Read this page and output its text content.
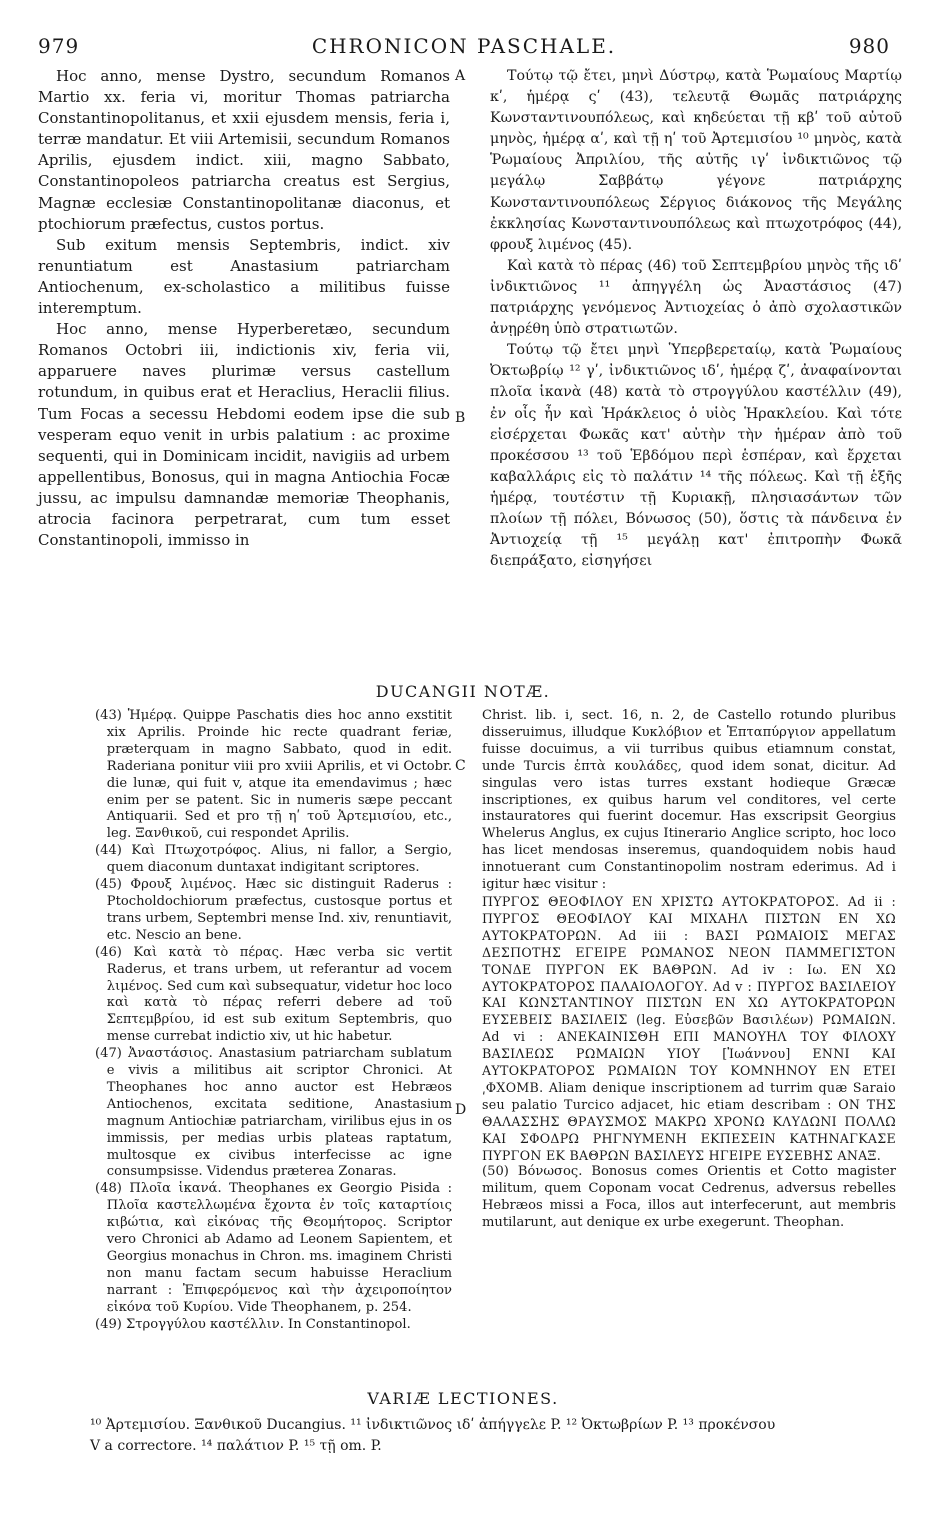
979	CHRONICON PASCHALE.	980

Hoc anno, mense Dystro, secundum Romanos Martio xx. feria vi, moritur Thomas patriarcha Constantinopolitanus, et xxii ejusdem mensis, feria i, terræ mandatur. Et viii Artemisii, secundum Romanos Aprilis, ejusdem indict. xiii, magno Sabbato, Constantinopoleos patriarcha creatus est Sergius, Magnæ ecclesiæ Constantinopolitanæ diaconus, et ptochiorum præfectus, custos portus.

Sub exitum mensis Septembris, indict. xiv renuntiatum est Anastasium patriarcham Antiochenum, ex-scholastico a militibus fuisse interemptum.

Hoc anno, mense Hyperberetæo, secundum Romanos Octobri iii, indictionis xiv, feria vii, apparuere naves plurimæ versus castellum rotundum, in quibus erat et Heraclius, Heraclii filius. Tum Focas a secessu Hebdomi eodem ipse die sub vesperam equo venit in urbis palatium : ac proxime sequenti, qui in Dominicam incidit, navigiis ad urbem appellentibus, Bonosus, qui in magna Antiochia Focæ jussu, ac impulsu damnandæ memoriæ Theophanis, atrocia facinora perpetrarat, cum tum esset Constantinopoli, immisso in

A
B
C
D

Τούτῳ τῷ ἔτει, μηνὶ Δύστρῳ, κατὰ Ῥωμαίους Μαρτίῳ κʹ, ἡμέρᾳ ςʹ (43), τελευτᾷ Θωμᾶς πατριάρχης Κωνσταντινουπόλεως, καὶ κηδεύεται τῇ κβʹ τοῦ αὐτοῦ μηνὸς, ἡμέρᾳ αʹ, καὶ τῇ ηʹ τοῦ Ἀρτεμισίου ¹⁰ μηνὸς, κατὰ Ῥωμαίους Ἀπριλίου, τῆς αὐτῆς ιγʹ ἰνδικτιῶνος τῷ μεγάλῳ Σαββάτῳ γέγονε πατριάρχης Κωνσταντινουπόλεως Σέργιος διάκονος τῆς Μεγάλης ἐκκλησίας Κωνσταντινουπόλεως καὶ πτωχοτρόφος (44), φρουξ λιμένος (45).

Καὶ κατὰ τὸ πέρας (46) τοῦ Σεπτεμβρίου μηνὸς τῆς ιδʹ ἰνδικτιῶνος ¹¹ ἀπηγγέλη ὡς Ἀναστάσιος (47) πατριάρχης γενόμενος Ἀντιοχείας ὁ ἀπὸ σχολαστικῶν ἀνῃρέθη ὑπὸ στρατιωτῶν.

Τούτῳ τῷ ἔτει μηνὶ Ὑπερβερεταίῳ, κατὰ Ῥωμαίους Ὀκτωβρίῳ ¹² γʹ, ἰνδικτιῶνος ιδʹ, ἡμέρᾳ ζʹ, ἀναφαίνονται πλοῖα ἱκανὰ (48) κατὰ τὸ στρογγύλου καστέλλιν (49), ἐν οἷς ἦν καὶ Ἡράκλειος ὁ υἱὸς Ἡρακλείου. Καὶ τότε εἰσέρχεται Φωκᾶς κατ' αὐτὴν τὴν ἡμέραν ἀπὸ τοῦ προκέσσου ¹³ τοῦ Ἑβδόμου περὶ ἑσπέραν, καὶ ἔρχεται καβαλλάρις εἰς τὸ παλάτιν ¹⁴ τῆς πόλεως. Καὶ τῇ ἑξῆς ἡμέρᾳ, τουτέστιν τῇ Κυριακῇ, πλησιασάντων τῶν πλοίων τῇ πόλει, Βόνωσος (50), ὅστις τὰ πάνδεινα ἐν Ἀντιοχείᾳ τῇ ¹⁵ μεγάλῃ κατ' ἐπιτροπὴν Φωκᾶ διεπράξατο, εἰσηγήσει

DUCANGII NOTÆ.

(43) Ἡμέρᾳ. Quippe Paschatis dies hoc anno exstitit xix Aprilis. Proinde hic recte quadrant feriæ, præterquam in magno Sabbato, quod in edit. Raderiana ponitur viii pro xviii Aprilis, et vi Octobr. die lunæ, qui fuit v, atque ita emendavimus ; hæc enim per se patent. Sic in numeris sæpe peccant Antiquarii. Sed et pro τῇ ηʹ τοῦ Ἀρτεμισίου, etc., leg. Ξανθικοῦ, cui respondet Aprilis.

(44) Καὶ Πτωχοτρόφος. Alius, ni fallor, a Sergio, quem diaconum duntaxat indigitant scriptores.

(45) Φρουξ λιμένος. Hæc sic distinguit Raderus : Ptocholdochiorum præfectus, custosque portus et trans urbem, Septembri mense Ind. xiv, renuntiavit, etc. Nescio an bene.

(46) Καὶ κατὰ τὸ πέρας. Hæc verba sic vertit Raderus, et trans urbem, ut referantur ad vocem λιμένος. Sed cum καὶ subsequatur, videtur hoc loco καὶ κατὰ τὸ πέρας referri debere ad τοῦ Σεπτεμβρίου, id est sub exitum Septembris, quo mense currebat indictio xiv, ut hic habetur.

(47) Ἀναστάσιος. Anastasium patriarcham sublatum e vivis a militibus ait scriptor Chronici. At Theophanes hoc anno auctor est Hebræos Antiochenos, excitata seditione, Anastasium magnum Antiochiæ patriarcham, virilibus ejus in os immissis, per medias urbis plateas raptatum, multosque ex civibus interfecisse ac igne consumpsisse. Videndus præterea Zonaras.

(48) Πλοῖα ἱκανά. Theophanes ex Georgio Pisida : Πλοῖα καστελλωμένα ἔχοντα ἐν τοῖς καταρτίοις κιβώτια, καὶ εἰκόνας τῆς Θεομήτορος. Scriptor vero Chronici ab Adamo ad Leonem Sapientem, et Georgius monachus in Chron. ms. imaginem Christi non manu factam secum habuisse Heraclium narrant : Ἐπιφερόμενος καὶ τὴν ἀχειροποίητον εἰκόνα τοῦ Κυρίου. Vide Theophanem, p. 254.

(49) Στρογγύλου καστέλλιν. In Constantinopol.

Christ. lib. i, sect. 16, n. 2, de Castello rotundo pluribus disseruimus, illudque Κυκλόβιον et Ἑπταπύργιον appellatum fuisse docuimus, a vii turribus quibus etiamnum constat, unde Turcis ἑπτὰ κουλάδες, quod idem sonat, dicitur. Ad singulas vero istas turres exstant hodieque Græcæ inscriptiones, ex quibus harum vel conditores, vel certe instauratores qui fuerint docemur. Has exscripsit Georgius Whelerus Anglus, ex cujus Itinerario Anglice scripto, hoc loco has licet mendosas inseremus, quandoquidem nobis haud innotuerant cum Constantinopolim nostram ederimus. Ad i igitur hæc visitur :

ΠΥΡΓΟΣ ΘΕΟΦΙΛΟΥ ΕΝ ΧΡΙΣΤΩ ΑΥΤΟΚΡΑΤΟΡΟΣ. Ad ii : ΠΥΡΓΟΣ ΘΕΟΦΙΛΟΥ ΚΑΙ ΜΙΧΑΗΛ ΠΙΣΤΩΝ ΕΝ ΧΩ ΑΥΤΟΚΡΑΤΟΡΩΝ. Ad iii : ΒΑΣΙ ΡΩΜΑΙΟΙΣ ΜΕΓΑΣ ΔΕΣΠΟΤΗΣ ΕΓΕΙΡΕ ΡΩΜΑΝΟΣ ΝΕΟΝ ΠΑΜΜΕΓΙΣΤΟΝ ΤΟΝΔΕ ΠΥΡΓΟΝ ΕΚ ΒΑΘΡΩΝ. Ad iv : Ιω. ΕΝ ΧΩ ΑΥΤΟΚΡΑΤΟΡΟΣ ΠΑΛΑΙΟΛΟΓΟΥ. Ad v : ΠΥΡΓΟΣ ΒΑΣΙΛΕΙΟΥ ΚΑΙ ΚΩΝΣΤΑΝΤΙΝΟΥ ΠΙΣΤΩΝ ΕΝ ΧΩ ΑΥΤΟΚΡΑΤΟΡΩΝ ΕΥΣΕΒΕΙΣ ΒΑΣΙΛΕΙΣ (leg. Εὐσεβῶν Βασιλέων) ΡΩΜΑΙΩΝ. Ad vi : ΑΝΕΚΑΙΝΙΣΘΗ ΕΠΙ ΜΑΝΟΥΗΛ ΤΟΥ ΦΙΛΟΧΥ ΒΑΣΙΛΕΩΣ ΡΩΜΑΙΩΝ ΥΙΟΥ [Ἰωάννου] ΕΝΝΙ ΚΑΙ ΑΥΤΟΚΡΑΤΟΡΟΣ ΡΩΜΑΙΩΝ ΤΟΥ ΚΟΜΝΗΝΟΥ ΕΝ ΕΤΕΙ ͵ΦΧΟΜΒ. Aliam denique inscriptionem ad turrim quæ Saraio seu palatio Turcico adjacet, hic etiam describam : ΟΝ ΤΗΣ ΘΑΛΑΣΣΗΣ ΘΡΑΥΣΜΟΣ ΜΑΚΡΩ ΧΡΟΝΩ ΚΛΥΔΩΝΙ ΠΟΛΛΩ ΚΑΙ ΣΦΟΔΡΩ ΡΗΓΝΥΜΕΝΗ ΕΚΠΕΣΕΙΝ ΚΑΤΗΝΑΓΚΑΣΕ ΠΥΡΓΟΝ ΕΚ ΒΑΘΡΩΝ ΒΑΣΙΛΕΥΣ ΗΓΕΙΡΕ ΕΥΣΕΒΗΣ ΑΝΑΞ.

(50) Βόνωσος. Bonosus comes Orientis et Cotto magister militum, quem Coponam vocat Cedrenus, adversus rebelles Hebræos missi a Foca, illos aut interfecerunt, aut membris mutilarunt, aut denique ex urbe exegerunt. Theophan.

VARIÆ LECTIONES.

¹⁰ Ἀρτεμισίου. Ξανθικοῦ Ducangius. ¹¹ ἰνδικτιῶνος ιδʹ ἀπήγγελε P. ¹² Ὀκτωβρίων P. ¹³ προκένσου

V a correctore. ¹⁴ παλάτιον P. ¹⁵ τῇ om. P.
